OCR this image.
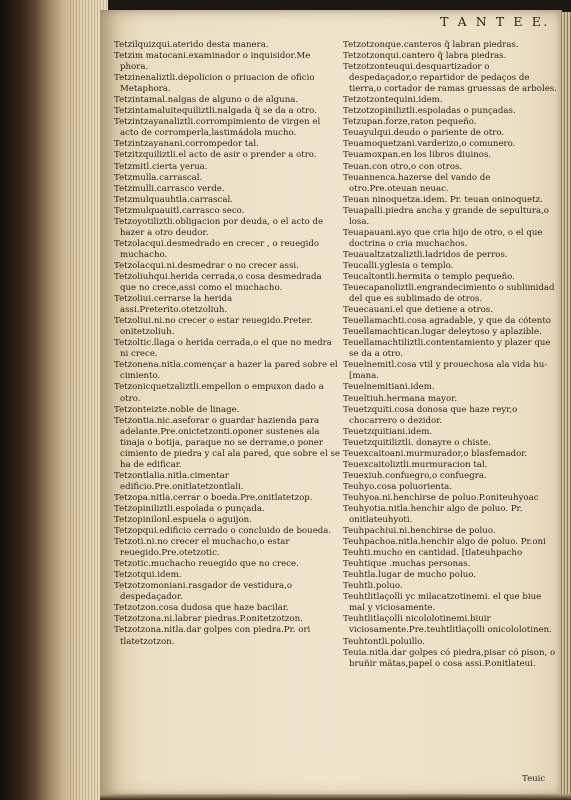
T A N T E E.

Tetzilquizqui.aterido desta manera.

Tetzim matocani.examinador o inquisidor.Me phora.

Tetzinenaliztli.depolicion o priuacion de oficio Metaphora.

Tetzintamal.nalgas de alguno o de alguna.

Tetzintamaluitequiliztli.nalgada q̃ se da a otro.

Tetzintzayanaliztli.corrompimiento de virgen el acto de corromperla,lastimádola mucho.

Tetzintzayanani.corrompedor tal.

Tetzitzquiliztli.el acto de asir o prender a otro.

Tetzmitl.cierta yerua.

Tetzmulla.carrascal.

Tetzmulli.carrasco verde.

Tetzmulquauhtla.carrascal.

Tetzmulquauitl.carrasco seco.

Tetzoyotiliztli.obligacion por deuda, o el acto de hazer a otro deudor.

Tetzolacqui.desmedrado en crecer , o reuegido muchacho.

Tetzolacqui.ni.desmedrar o no crecer assi.

Tetzoliuhqui.herida cerrada,o cosa desmedrada que no crece,assi como el muchacho.

Tetzoliui.cerrarse la herida assi.Preterito.otetzoliuh.

Tetzoliui.ni.no crecer o estar reuegido.Preter. onitetzoliuh.

Tetzoltic.llaga o herida cerrada,o el que no medra ni crece.

Tetzonena.nitla.començar a hazer la pared sobre el cimiento.

Tetzonicquetzaliztli.empellon o empuxon dado a otro.

Tetzonteizte.noble de linage.

Tetzontia.nic.aseforar o guardar hazienda para adelante.Pre.onictetzonti.oponer sustenes ala tinaja o botija, paraque no se derrame,o poner cimiento de piedra y cal ala pared, que sobre el se ha de edificar.

Tetzontlalia.nitla.cimentar edificio.Pre.onitlatetzontlali.

Tetzopa.nitla.cerrar o boeda.Pre.onitlatetzop.

Tetzopiniliztli.espolada o punçada.

Tetzopinilonl.espuela o aguijon.

Tetzopqui.edificio cerrado o concluido de boueda.

Tetzoti.ni.no crecer el muchacho,o estar reuegido.Pre.otetzotic.

Tetzotic.muchacho reuegido que no crece.

Tetzotqui.idem.

Tetzotzomoniani.rasgador de vestidura,o despedaçador.

Tetzotzon.cosa dudosa que haze bacilar.

Tetzotzona.ni.labrar piedras.P.onitetzotzon.

Tetzotzona.nitla.dar golpes con piedra.Pr. ori tlatetzotzon.

Tetzotzonque.canteros q̃ labran piedras.

Tetzotzonqui.cantero q̃ labra piedras.

Tetzotzonteuqui.desquartizador o despedaçador,o repartidor de pedaços de tierra,o cortador de ramas gruessas de arboles.

Tetzotzontequini.idem.

Tetzotzopiniliztli.espoladas o punçadas.

Tetzupan.forze,raton pequeño.

Teuayulqui.deudo o pariente de otro.

Teuamoquetzani.varderizo,o comunero.

Teuamoxpan.en los libros diuinos.

Teuan.con otro,o con otros.

Teuannenca.hazerse del vando de otro.Pre.oteuan neuac.

Teuan ninoquetza.idem. Pr. teuan oninoquetz.

Teuapalli.piedra ancha y grande de sepultura,o losa.

Teuapauani.ayo que cria hijo de otro, o el que doctrina o cria muchachos.

Teuaualtzatzaliztli.ladridos de perros.

Teucalli.yglesia o templo.

Teucaltontli.hermita o templo pequeño.

Teuecapanoliztli.engrandecimiento o sublimidad del que es sublimado de otros.

Teuecauani.el que detiene a otros.

Teuellamachti.cosa agradable, y que da cótento

Teuellamachtican.lugar deleytoso y aplazible.

Teuellamachtiliztli.contentamiento y plazer que se da a otro.

Teuelnemitl.cosa vtil y prouechosa ala vida hu- [mana.

Teuelnemitiani.idem.

Teueltiuh.hermana mayor.

Teuetzquiti.cosa donosa que haze reyr,o chocarrero o dezidor.

Teuetzquitiani.idem.

Teuetzquitiliztli. donayre o chiste.

Teuexcaitoani.murmurador,o blasfemador.

Teuexcaitoliztli.murmuracion tal.

Teuexiuh.confuegro,o confuegra.

Teuhyo.cosa poluorienta.

Teuhyoa.ni.henchirse de poluo.P.oniteuhyoac

Teuhyotia.nitla.henchir algo de poluo. Pr. onitlateuhyoti.

Teuhpachiui.ni.henchirse de poluo.

Teuhpachoa.nitla.henchir algo de poluo. Pr.oni

Teuhti.mucho en cantidad. [tlateuhpacho

Teuhtique .muchas personas.

Teuhtla.lugar de mucho poluo.

Teuhtli.poluo.

Teuhtlitlaçolli yc milacatzotinemi. el que biue mal y viciosamente.

Teuhtlitlaçolli nicololotinemi.biuir viciosamente.Pre.teuhtlitlaçolli onicololotinen.

Teuhtontli.poluillo.

Teuia.nitla.dar golpes có piedra,pisar có pison, o bruñir mãtas,papel o cosa assi.P.onitlateui.

Teuic
